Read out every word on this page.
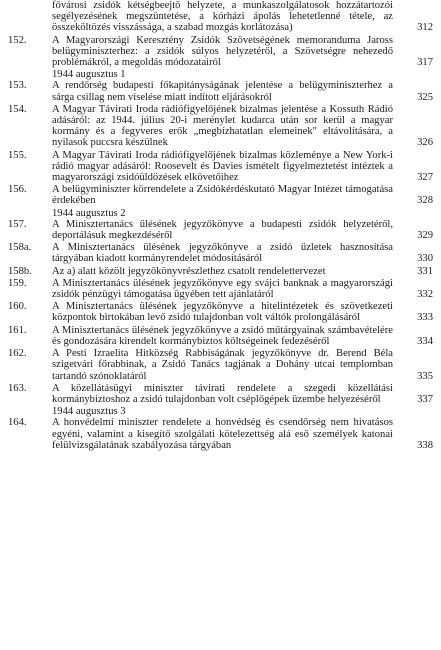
fővárosi zsidók kétségbeejtő helyzete, a munkaszolgálatosok hozzátartozói segélyezésének megszüntetése, a kórházi ápolás lehetetlenné tétele, az összeköltözés visszássága, a szabad mozgás korlátozása)	312
152.	A Magyarországi Keresztény Zsidók Szövetségének memoranduma Jaross belügyminiszterhez: a zsidók súlyos helyzetéről, a Szövetségre nehezedő problémákról, a megoldás módozatairól	317
1944 augusztus 1
153.	A rendőrség budapesti főkapitányságának jelentése a belügyminiszterhez a sárga csillag nem viselése miatt indított eljárásokról	325
154.	A Magyar Távirati Iroda rádiófigyelőjének bizalmas jelentése a Kossuth Rádió adásáról: az 1944. július 20-i merénylet kudarca után sor kerül a magyar kormány és a fegyveres erők „megbízhatatlan elemeinek" eltávolítására, a nyilasok puccsra készülnek	326
155.	A Magyar Távirati Iroda rádiófigyelőjének bizalmas közleménye a New York-i rádió magyar adásáról: Roosevelt és Davies ismételt figyelmeztetést intéztek a magyarországi zsidóüldözések elkövetőihez	327
156.	A belügyminiszter körrendelete a Zsidókérdéskutató Magyar Intézet támogatása érdekében	328
1944 augusztus 2
157.	A Minisztertanács ülésének jegyzőkönyve a budapesti zsidók helyzetéről, deportálásuk megkezdéséről	329
158a.	A Minisztertanács ülésének jegyzőkönyve a zsidó üzletek hasznosítása tárgyában kiadott kormányrendelet módosításáról	330
158b.	Az a) alatt közölt jegyzőkönyvrészlethez csatolt rendelettervezet	331
159.	A Minisztertanács ülésének jegyzőkönyve egy svájci banknak a magyarországi zsidók pénzügyi támogatása ügyében tett ajánlatáról	332
160.	A Minisztertanács ülésének jegyzőkönyve a hitelintézetek és szövetkezeti központok birtokában levő zsidó tulajdonban volt váltók prolongálásáról	333
161.	A Minisztertanács ülésének jegyzőkönyve a zsidó műtárgyainak számbavételére és gondozására kirendelt kormánybiztos költségeinek fedezéséről	334
162.	A Pesti Izraelita Hitközség Rabbiságának jegyzőkönyve dr. Berend Béla szigetvári főrabbinak, a Zsidó Tanács tagjának a Dohány utcai templomban tartandó szónoklatáról	335
163.	A közellátásügyi miniszter távirati rendelete a szegedi közellátási kormánybiztoshoz a zsidó tulajdonban volt cséplőgépek üzembe helyezéséről	337
1944 augusztus 3
164.	A honvédelmi miniszter rendelete a honvédség és csendőrség nem hivatásos egyéni, valamint a kisegítő szolgálati kötelezettség alá eső személyek katonai felülvizsgálatának szabályozása tárgyában	338
